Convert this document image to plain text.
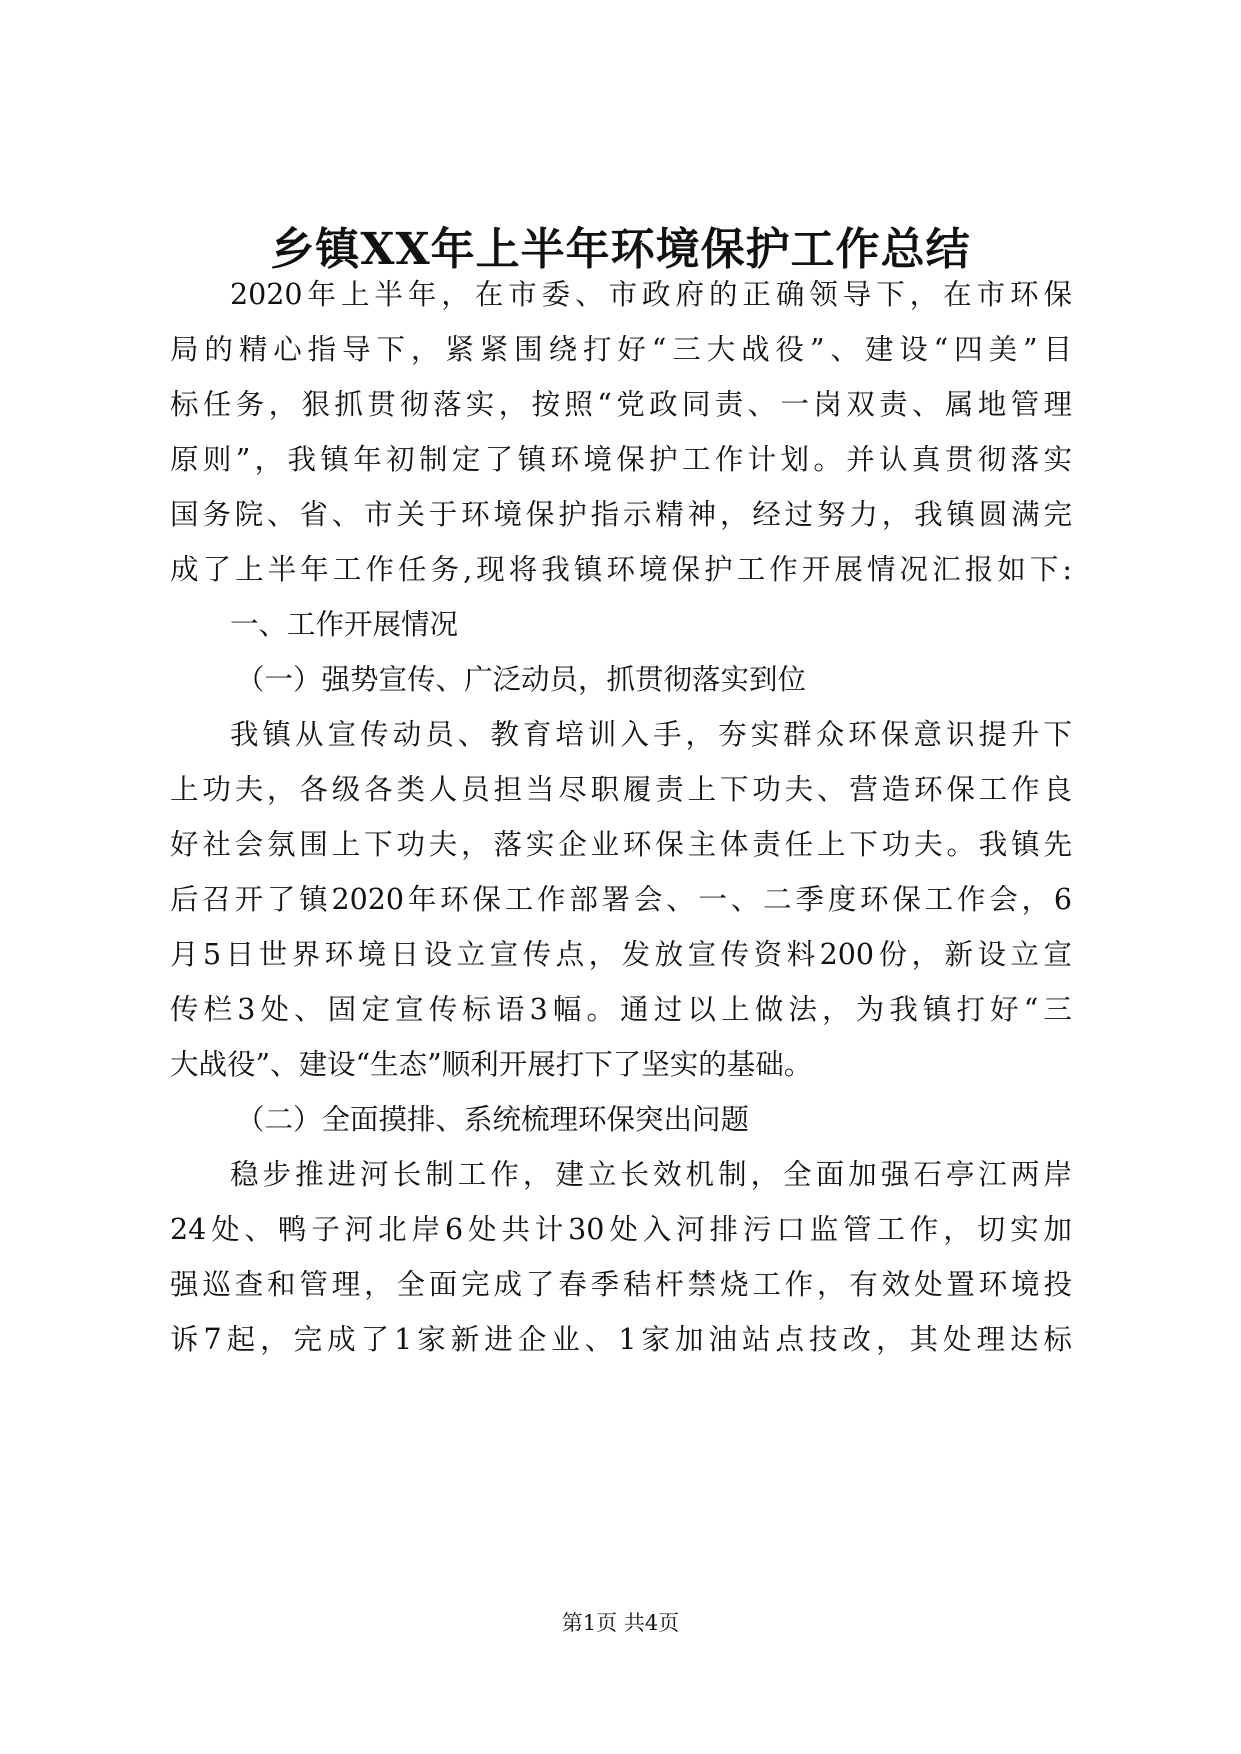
乡镇XX年上半年环境保护工作总结
2020年上半年，在市委、市政府的正确领导下，在市环保
局的精心指导下，紧紧围绕打好“三大战役”、建设“四美”目
标任务，狠抓贯彻落实，按照“党政同责、一岗双责、属地管理
原则”，我镇年初制定了镇环境保护工作计划。并认真贯彻落实
国务院、省、市关于环境保护指示精神，经过努力，我镇圆满完
成了上半年工作任务,现将我镇环境保护工作开展情况汇报如下:
一、工作开展情况
（一）强势宣传、广泛动员，抓贯彻落实到位
我镇从宣传动员、教育培训入手，夯实群众环保意识提升下
上功夫，各级各类人员担当尽职履责上下功夫、营造环保工作良
好社会氛围上下功夫，落实企业环保主体责任上下功夫。我镇先
后召开了镇2020年环保工作部署会、一、二季度环保工作会，6
月5日世界环境日设立宣传点，发放宣传资料200份，新设立宣
传栏3处、固定宣传标语3幅。通过以上做法，为我镇打好“三
大战役”、建设“生态”顺利开展打下了坚实的基础。
（二）全面摸排、系统梳理环保突出问题
稳步推进河长制工作，建立长效机制，全面加强石亭江两岸
24处、鸭子河北岸6处共计30处入河排污口监管工作，切实加
强巡查和管理，全面完成了春季秸杆禁烧工作，有效处置环境投
诉7起，完成了1家新进企业、1家加油站点技改，其处理达标
第1页 共4页
